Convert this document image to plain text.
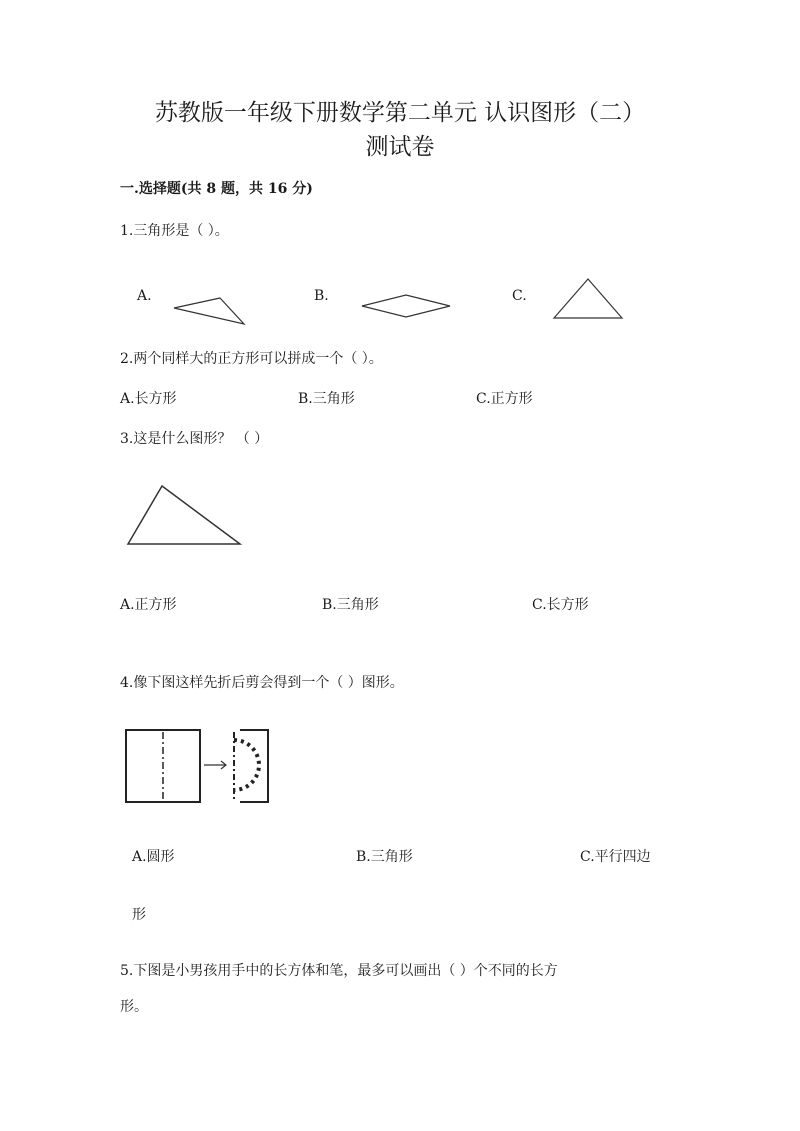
苏教版一年级下册数学第二单元 认识图形（二）
测试卷
一.选择题(共 8 题，共 16 分)
1.三角形是（ ）。
A.	B.	C.
2.两个同样大的正方形可以拼成一个（ ）。
A.长方形	B.三角形	C.正方形
3.这是什么图形？ （ ）
A.正方形	B.三角形	C.长方形
4.像下图这样先折后剪会得到一个（ ）图形。
A.圆形	B.三角形	C.平行四边
形
5.下图是小男孩用手中的长方体和笔，最多可以画出（ ）个不同的长方
形。
